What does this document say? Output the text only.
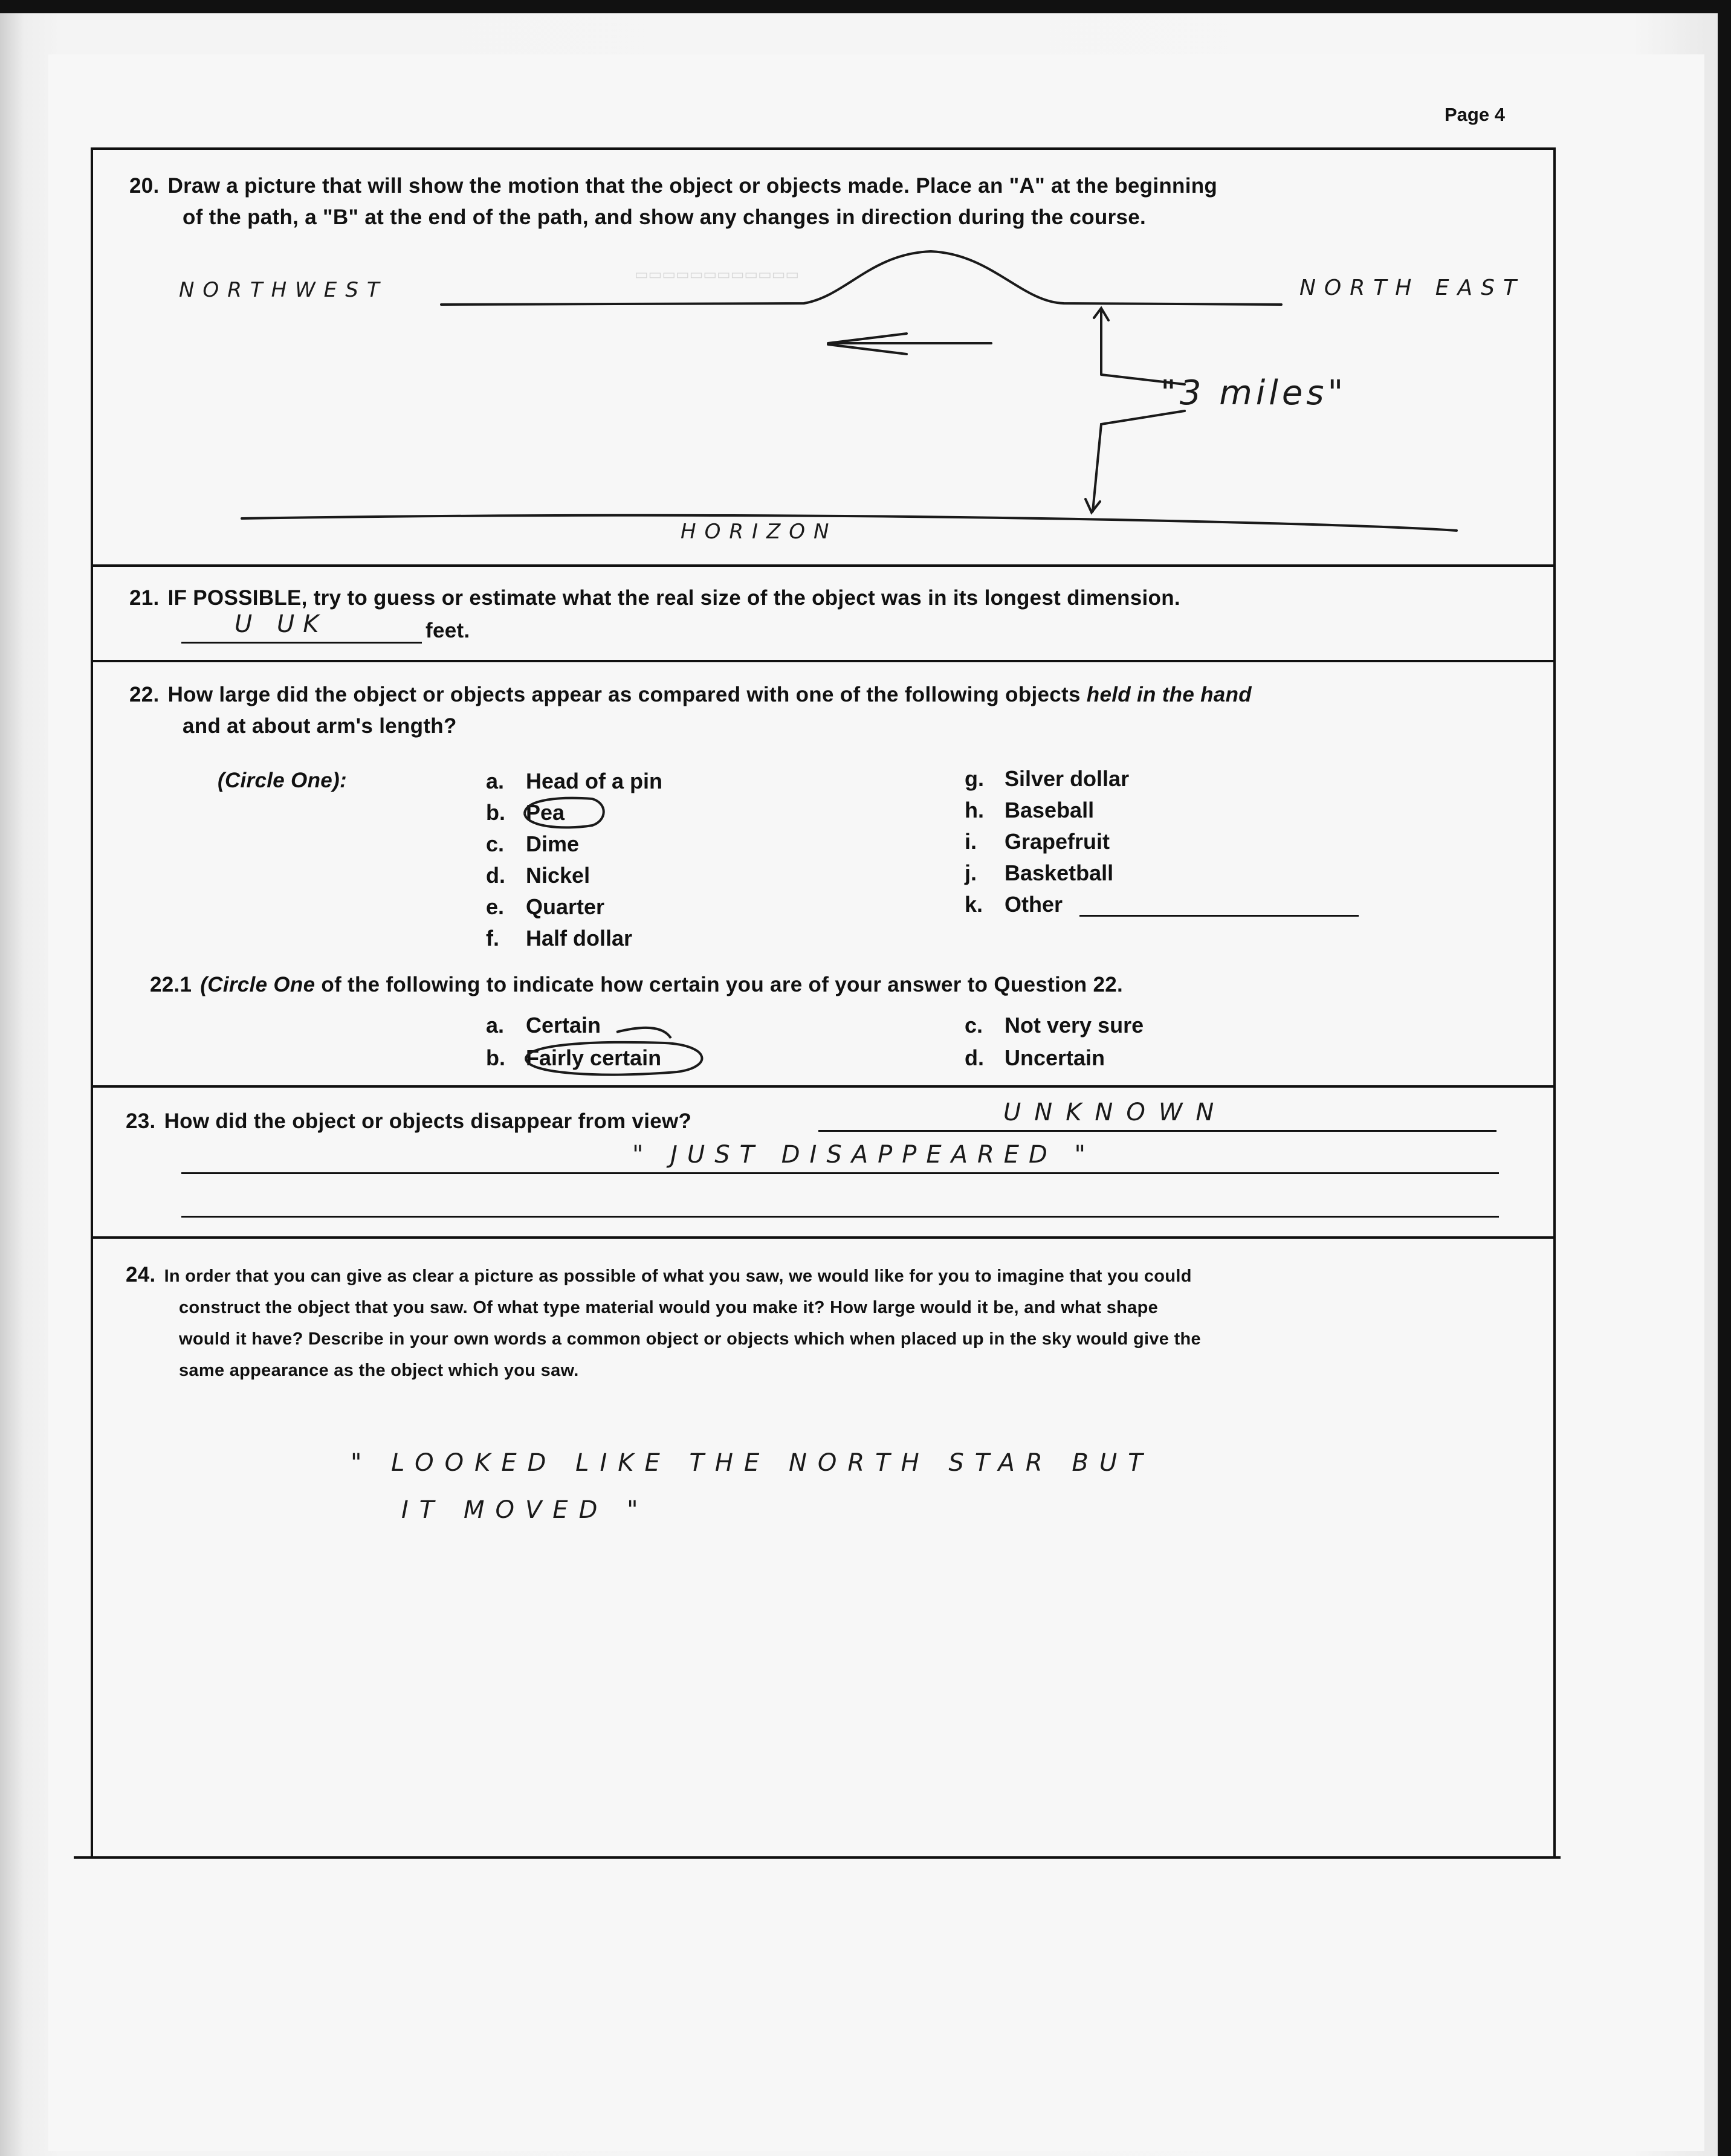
▭▭▭▭▭▭▭▭▭▭▭▭
Page 4
20. Draw a picture that will show the motion that the object or objects made. Place an "A" at the beginning
of the path, a "B" at the end of the path, and show any changes in direction during the course.
NORTHWEST	NORTH EAST
"3 miles"
HORIZON
21. IF POSSIBLE, try to guess or estimate what the real size of the object was in its longest dimension.
U UK	feet.
22. How large did the object or objects appear as compared with one of the following objects held in the hand
and at about arm's length?
(Circle One):	a. Head of a pin
b. Pea
c. Dime
d. Nickel
e. Quarter
f. Half dollar
g. Silver dollar
h. Baseball
i. Grapefruit
j. Basketball
k. Other
22.1 (Circle One of the following to indicate how certain you are of your answer to Question 22.
a. Certain
b. Fairly certain
c. Not very sure
d. Uncertain
23. How did the object or objects disappear from view?	UNKNOWN
" JUST DISAPPEARED "
24. In order that you can give as clear a picture as possible of what you saw, we would like for you to imagine that you could
construct the object that you saw. Of what type material would you make it? How large would it be, and what shape
would it have? Describe in your own words a common object or objects which when placed up in the sky would give the
same appearance as the object which you saw.
" LOOKED LIKE THE NORTH STAR BUT
IT MOVED "
